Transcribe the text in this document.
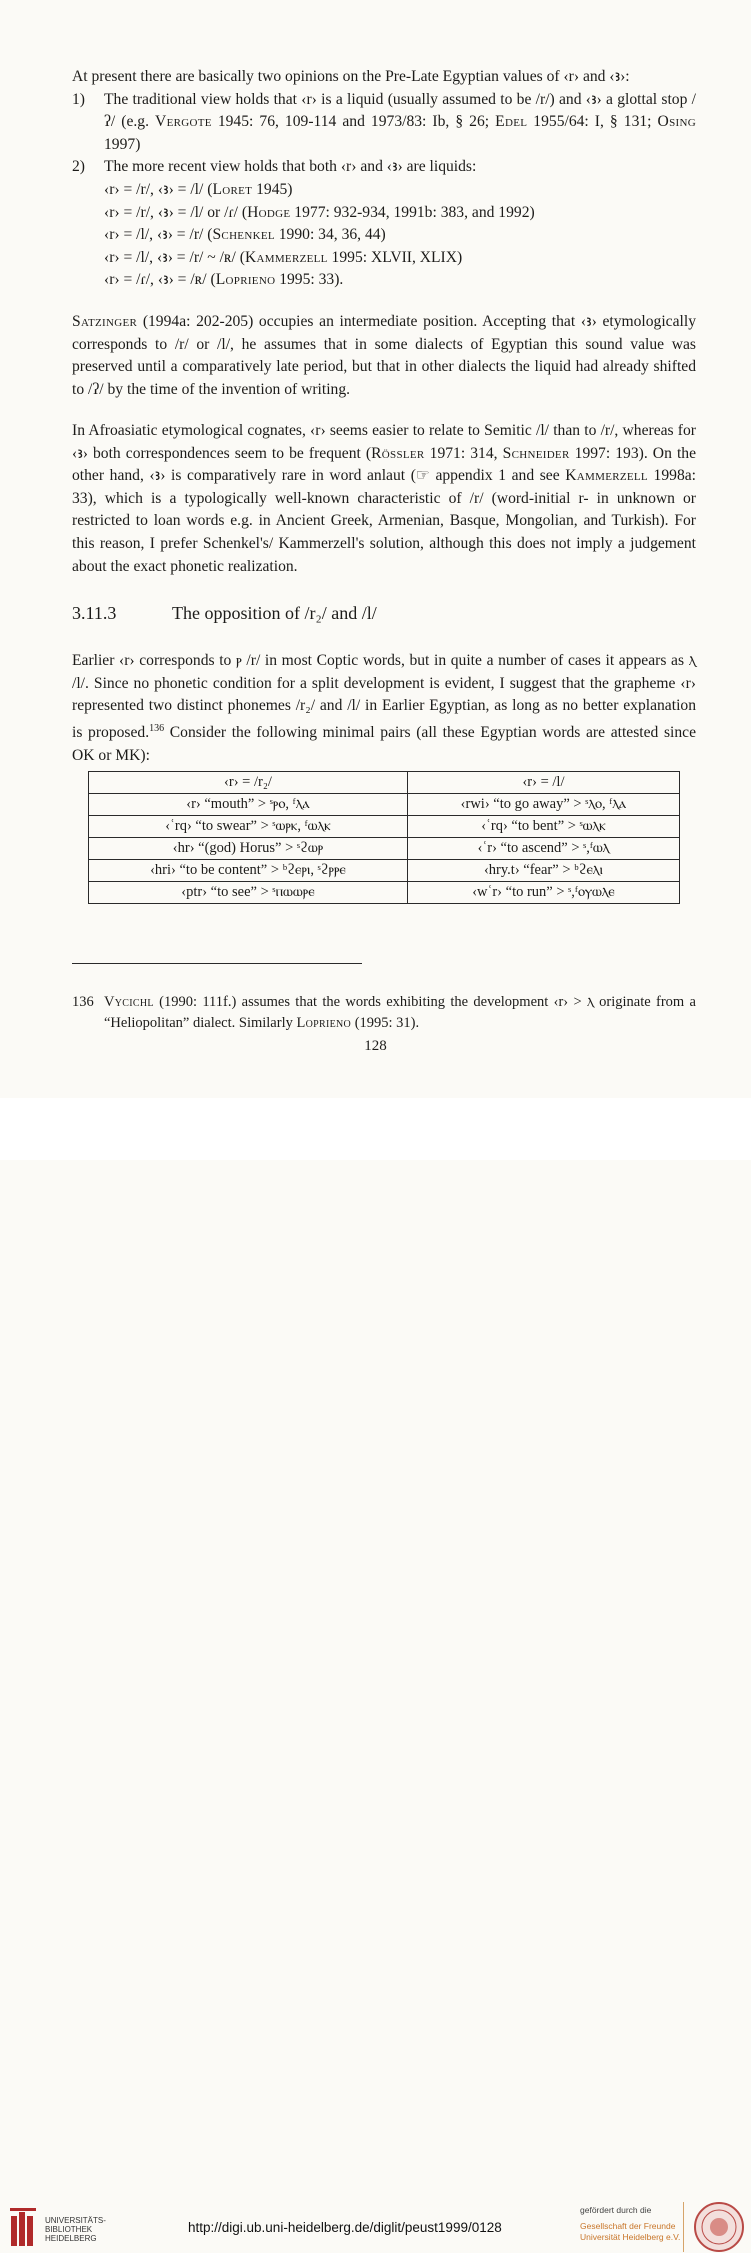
At present there are basically two opinions on the Pre-Late Egyptian values of ‹r› and ‹ꜣ›:

1)	The traditional view holds that ‹r› is a liquid (usually assumed to be /r/) and ‹ꜣ› a glottal stop /ʔ/ (e.g. Vergote 1945: 76, 109-114 and 1973/83: Ib, § 26; Edel 1955/64: I, § 131; Osing 1997)
2)	The more recent view holds that both ‹r› and ‹ꜣ› are liquids:
‹r› = /r/, ‹ꜣ› = /l/ (Loret 1945)
‹r› = /r/, ‹ꜣ› = /l/ or /ɾ/ (Hodge 1977: 932-934, 1991b: 383, and 1992)
‹r› = /l/, ‹ꜣ› = /r/ (Schenkel 1990: 34, 36, 44)
‹r› = /l/, ‹ꜣ› = /r/ ~ /ʀ/ (Kammerzell 1995: XLVII, XLIX)
‹r› = /ɾ/, ‹ꜣ› = /ʀ/ (Loprieno 1995: 33).

Satzinger (1994a: 202-205) occupies an intermediate position. Accepting that ‹ꜣ› etymologically corresponds to /r/ or /l/, he assumes that in some dialects of Egyptian this sound value was preserved until a comparatively late period, but that in other dialects the liquid had already shifted to /ʔ/ by the time of the invention of writing.

In Afroasiatic etymological cognates, ‹r› seems easier to relate to Semitic /l/ than to /r/, whereas for ‹ꜣ› both correspondences seem to be frequent (Rössler 1971: 314, Schneider 1997: 193). On the other hand, ‹ꜣ› is comparatively rare in word anlaut (☞ appendix 1 and see Kammerzell 1998a: 33), which is a typologically well-known characteristic of /r/ (word-initial r- in unknown or restricted to loan words e.g. in Ancient Greek, Armenian, Basque, Mongolian, and Turkish). For this reason, I prefer Schenkel's/ Kammerzell's solution, although this does not imply a judgement about the exact phonetic realization.

3.11.3	The opposition of /r₂/ and /l/

Earlier ‹r› corresponds to ⲣ /r/ in most Coptic words, but in quite a number of cases it appears as ⲗ /l/. Since no phonetic condition for a split development is evident, I suggest that the grapheme ‹r› represented two distinct phonemes /r₂/ and /l/ in Earlier Egyptian, as long as no better explanation is proposed.$^{136}$ Consider the following minimal pairs (all these Egyptian words are attested since OK or MK):

‹r› = /r₂/	‹r› = /l/
‹r› “mouth” > ˢⲣⲟ, ᶠⲗⲁ	‹rwi› “to go away” > ˢⲗⲟ, ᶠⲗⲁ
‹ʿrq› “to swear” > ˢⲱⲣⲕ, ᶠⲱⲗⲕ	‹ʿrq› “to bent” > ˢⲱⲗⲕ
‹hr› “(god) Horus” > ˢϩⲱⲣ	‹ʿr› “to ascend” > ˢ,ᶠⲱⲗ
‹hri› “to be content” > ᵇϩⲉⲣⲓ, ˢϩⲣⲣⲉ	‹hry.t› “fear” > ᵇϩⲉⲗⲓ
‹ptr› “to see” > ˢⲡⲱⲱⲣⲉ	‹wʿr› “to run” > ˢ,ᶠⲟⲩⲱⲗⲉ
136 Vycichl (1990: 111f.) assumes that the words exhibiting the development ‹r› > ⲗ originate from a “Heliopolitan” dialect. Similarly Loprieno (1995: 31).
128
UNIVERSITÄTS-
BIBLIOTHEK
HEIDELBERG
http://digi.ub.uni-heidelberg.de/diglit/peust1999/0128
gefördert durch die
Gesellschaft der Freunde
Universität Heidelberg e.V.
